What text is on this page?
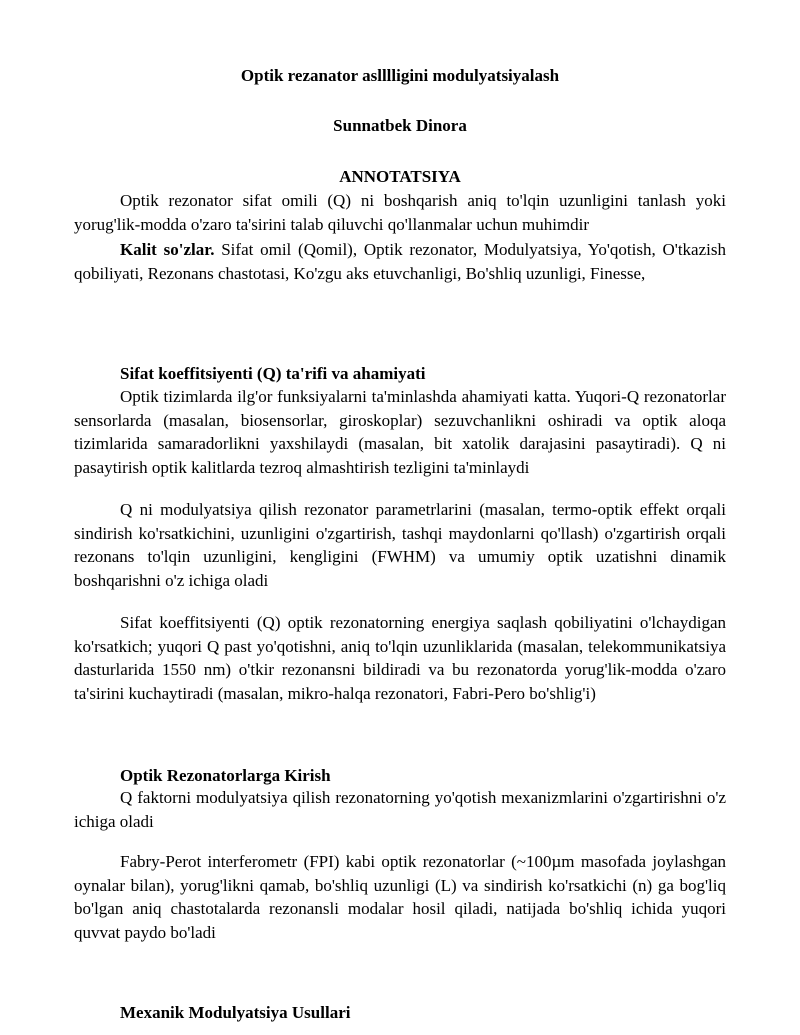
Optik rezanator aslllligini modulyatsiyalash
Sunnatbek Dinora
ANNOTATSIYA

Optik rezonator sifat omili (Q) ni boshqarish aniq to'lqin uzunligini tanlash yoki yorug'lik-modda o'zaro ta'sirini talab qiluvchi qo'llanmalar uchun muhimdir

Kalit so'zlar. Sifat omil (Qomil), Optik rezonator, Modulyatsiya, Yo'qotish, O'tkazish qobiliyati, Rezonans chastotasi, Ko'zgu aks etuvchanligi, Bo'shliq uzunligi, Finesse,

Sifat koeffitsiyenti (Q) ta'rifi va ahamiyati

Optik tizimlarda ilg'or funksiyalarni ta'minlashda ahamiyati katta. Yuqori-Q rezonatorlar sensorlarda (masalan, biosensorlar, giroskoplar) sezuvchanlikni oshiradi va optik aloqa tizimlarida samaradorlikni yaxshilaydi (masalan, bit xatolik darajasini pasaytiradi). Q ni pasaytirish optik kalitlarda tezroq almashtirish tezligini ta'minlaydi

Q ni modulyatsiya qilish rezonator parametrlarini (masalan, termo-optik effekt orqali sindirish ko'rsatkichini, uzunligini o'zgartirish, tashqi maydonlarni qo'llash) o'zgartirish orqali rezonans to'lqin uzunligini, kengligini (FWHM) va umumiy optik uzatishni dinamik boshqarishni o'z ichiga oladi

Sifat koeffitsiyenti (Q) optik rezonatorning energiya saqlash qobiliyatini o'lchaydigan ko'rsatkich; yuqori Q past yo'qotishni, aniq to'lqin uzunliklarida (masalan, telekommunikatsiya dasturlarida 1550 nm) o'tkir rezonansni bildiradi va bu rezonatorda yorug'lik-modda o'zaro ta'sirini kuchaytiradi (masalan, mikro-halqa rezonatori, Fabri-Pero bo'shlig'i)

Optik Rezonatorlarga Kirish

Q faktorni modulyatsiya qilish rezonatorning yo'qotish mexanizmlarini o'zgartirishni o'z ichiga oladi

Fabry-Perot interferometr (FPI) kabi optik rezonatorlar (~100µm masofada joylashgan oynalar bilan), yorug'likni qamab, bo'shliq uzunligi (L) va sindirish ko'rsatkichi (n) ga bog'liq bo'lgan aniq chastotalarda rezonansli modalar hosil qiladi, natijada bo'shliq ichida yuqori quvvat paydo bo'ladi

Mexanik Modulyatsiya Usullari
